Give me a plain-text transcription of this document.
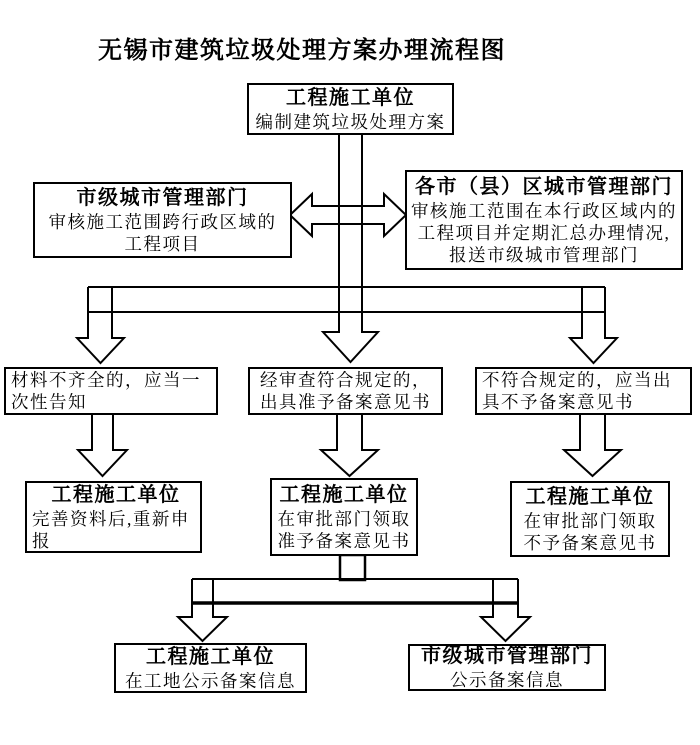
无锡市建筑垃圾处理方案办理流程图
工程施工单位
编制建筑垃圾处理方案
市级城市管理部门
审核施工范围跨行政区域的
工程项目
各市（县）区城市管理部门
审核施工范围在本行政区域内的
工程项目并定期汇总办理情况,
报送市级城市管理部门
材料不齐全的，应当一
次性告知
经审查符合规定的，
出具准予备案意见书
不符合规定的，应当出
具不予备案意见书
工程施工单位
完善资料后,重新申
报
工程施工单位
在审批部门领取
准予备案意见书
工程施工单位
在审批部门领取
不予备案意见书
工程施工单位
在工地公示备案信息
市级城市管理部门
公示备案信息
